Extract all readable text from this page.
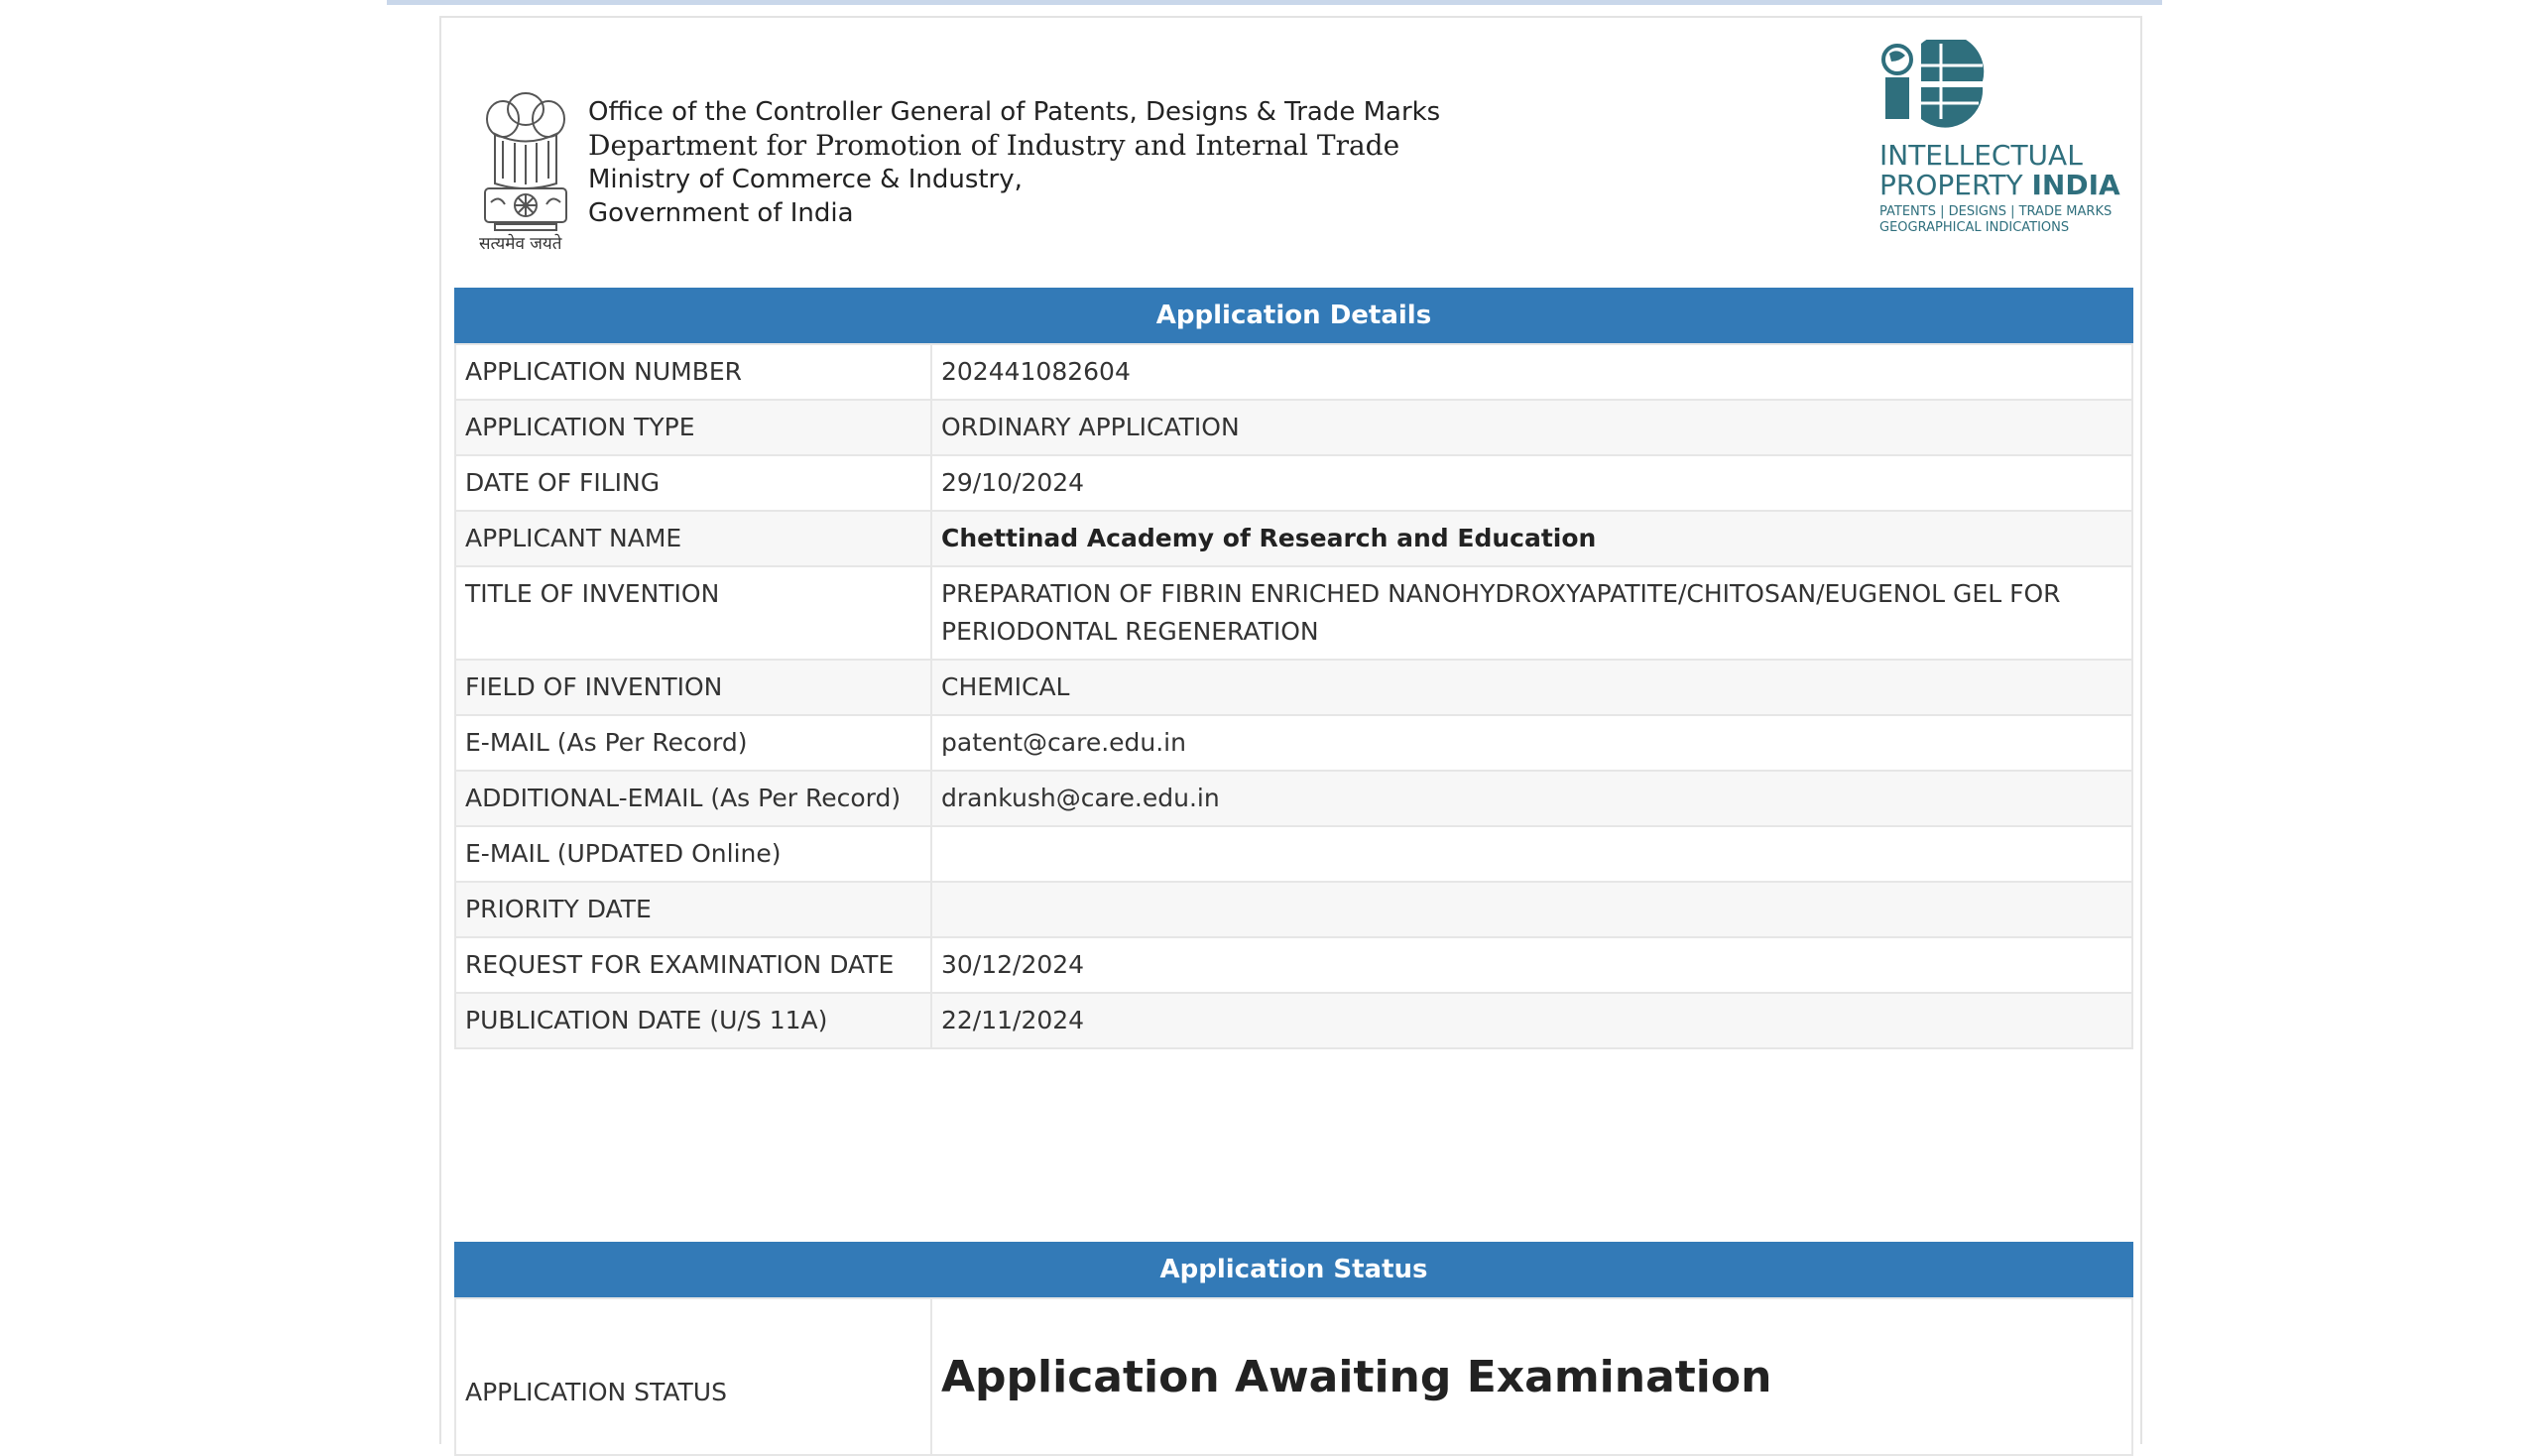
सत्यमेव जयते
Office of the Controller General of Patents, Designs & Trade Marks
Department for Promotion of Industry and Internal Trade
Ministry of Commerce & Industry,
Government of India
INTELLECTUAL
PROPERTY INDIA
PATENTS | DESIGNS | TRADE MARKS
GEOGRAPHICAL INDICATIONS
Application Details
APPLICATION NUMBER	202441082604
APPLICATION TYPE	ORDINARY APPLICATION
DATE OF FILING	29/10/2024
APPLICANT NAME	Chettinad Academy of Research and Education
TITLE OF INVENTION	PREPARATION OF FIBRIN ENRICHED NANOHYDROXYAPATITE/CHITOSAN/EUGENOL GEL FOR PERIODONTAL REGENERATION
FIELD OF INVENTION	CHEMICAL
E-MAIL (As Per Record)	patent@care.edu.in
ADDITIONAL-EMAIL (As Per Record)	drankush@care.edu.in
E-MAIL (UPDATED Online)	
PRIORITY DATE	
REQUEST FOR EXAMINATION DATE	30/12/2024
PUBLICATION DATE (U/S 11A)	22/11/2024
Application Status
APPLICATION STATUS	Application Awaiting Examination
